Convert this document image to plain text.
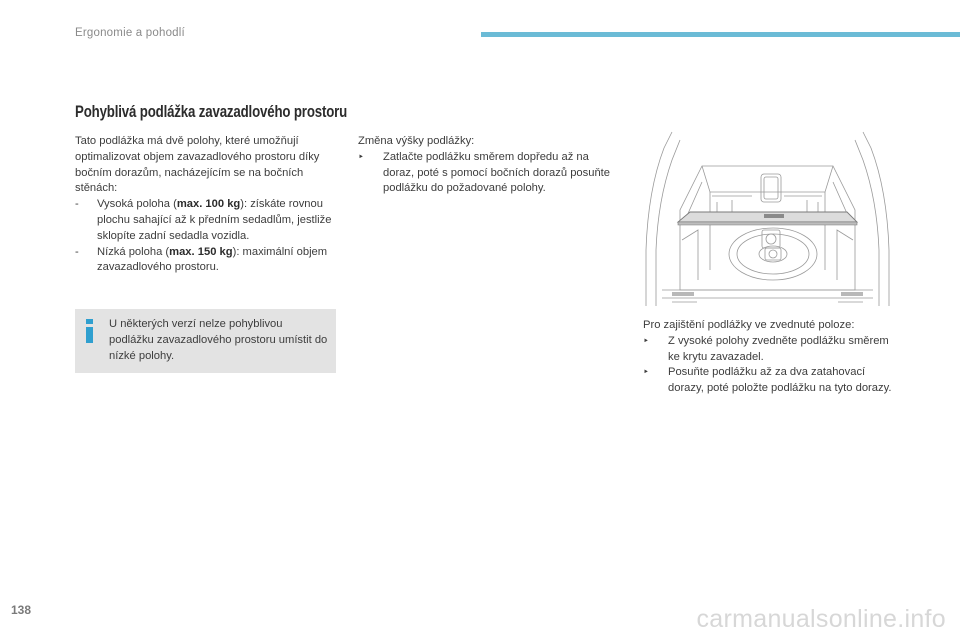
Ergonomie a pohodlí
Pohyblivá podlážka zavazadlového prostoru

Tato podlážka má dvě polohy, které umožňují optimalizovat objem zavazadlového prostoru díky bočním dorazům, nacházejícím se na bočních stěnách:

- Vysoká poloha (max. 100 kg): získáte rovnou plochu sahající až k předním sedadlům, jestliže sklopíte zadní sedadla vozidla.
- Nízká poloha (max. 150 kg): maximální objem zavazadlového prostoru.
U některých verzí nelze pohyblivou podlážku zavazadlového prostoru umístit do nízké polohy.

Změna výšky podlážky:

‣ Zatlačte podlážku směrem dopředu až na doraz, poté s pomocí bočních dorazů posuňte podlážku do požadované polohy.

Pro zajištění podlážky ve zvednuté poloze:

‣ Z vysoké polohy zvedněte podlážku směrem ke krytu zavazadel.
‣ Posuňte podlážku až za dva zatahovací dorazy, poté položte podlážku na tyto dorazy.
138	carmanualsonline.info
